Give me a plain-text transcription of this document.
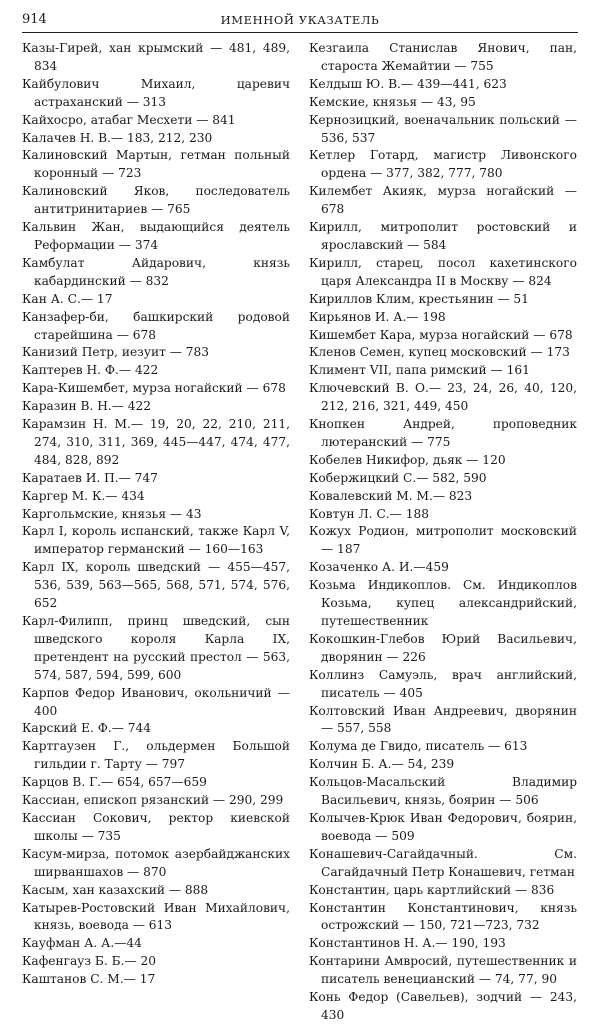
914	ИМЕННОЙ УКАЗАТЕЛЬ
Казы-Гирей, хан крымский — 481, 489, 834
Кайбулович Михаил, царевич астраханский — 313
Кайхосро, атабаг Месхети — 841
Калачев Н. В.— 183, 212, 230
Калиновский Мартын, гетман польный коронный — 723
Калиновский Яков, последователь антитринитариев — 765
Кальвин Жан, выдающийся деятель Реформации — 374
Камбулат Айдарович, князь кабардинский — 832
Кан А. С.— 17
Канзафер-би, башкирский родовой старейшина — 678
Канизий Петр, иезуит — 783
Каптерев Н. Ф.— 422
Кара-Кишембет, мурза ногайский — 678
Каразин В. Н.— 422
Карамзин Н. М.— 19, 20, 22, 210, 211, 274, 310, 311, 369, 445—447, 474, 477, 484, 828, 892
Каратаев И. П.— 747
Каргер М. К.— 434
Каргольмские, князья — 43
Карл I, король испанский, также Карл V, император германский — 160—163
Карл IX, король шведский — 455—457, 536, 539, 563—565, 568, 571, 574, 576, 652
Карл-Филипп, принц шведский, сын шведского короля Карла IX, претендент на русский престол — 563, 574, 587, 594, 599, 600
Карпов Федор Иванович, окольничий — 400
Карский Е. Ф.— 744
Картгаузен Г., ольдермен Большой гильдии г. Тарту — 797
Карцов В. Г.— 654, 657—659
Кассиан, епископ рязанский — 290, 299
Кассиан Сокович, ректор киевской школы — 735
Касум-мирза, потомок азербайджанских ширваншахов — 870
Касым, хан казахский — 888
Катырев-Ростовский Иван Михайлович, князь, воевода — 613
Кауфман А. А.—44
Кафенгауз Б. Б.— 20
Каштанов С. М.— 17
Кезгаила Станислав Янович, пан, староста Жемайтии — 755
Келдыш Ю. В.— 439—441, 623
Кемские, князья — 43, 95
Кернозицкий, военачальник польский — 536, 537
Кетлер Готард, магистр Ливонского ордена — 377, 382, 777, 780
Килембет Акияк, мурза ногайский — 678
Кирилл, митрополит ростовский и ярославский — 584
Кирилл, старец, посол кахетинского царя Александра II в Москву — 824
Кириллов Клим, крестьянин — 51
Кирьянов И. А.— 198
Кишембет Кара, мурза ногайский — 678
Кленов Семен, купец московский — 173
Климент VII, папа римский — 161
Ключевский В. О.— 23, 24, 26, 40, 120, 212, 216, 321, 449, 450
Кнопкен Андрей, проповедник лютеранский — 775
Кобелев Никифор, дьяк — 120
Кобержицкий С.— 582, 590
Ковалевский М. М.— 823
Ковтун Л. С.— 188
Кожух Родион, митрополит московский — 187
Козаченко А. И.—459
Козьма Индикоплов. См. Индикоплов Козьма, купец александрийский, путешественник
Кокошкин-Глебов Юрий Васильевич, дворянин — 226
Коллинз Самуэль, врач английский, писатель — 405
Колтовский Иван Андреевич, дворянин— 557, 558
Колума де Гвидо, писатель — 613
Колчин Б. А.— 54, 239
Кольцов-Масальский Владимир Васильевич, князь, боярин — 506
Колычев-Крюк Иван Федорович, боярин, воевода — 509
Конашевич-Сагайдачный. См. Сагайдачный Петр Конашевич, гетман
Константин, царь картлийский — 836
Константин Константинович, князь острожский — 150, 721—723, 732
Константинов Н. А.— 190, 193
Контарини Амвросий, путешественник и писатель венецианский — 74, 77, 90
Конь Федор (Савельев), зодчий — 243, 430
